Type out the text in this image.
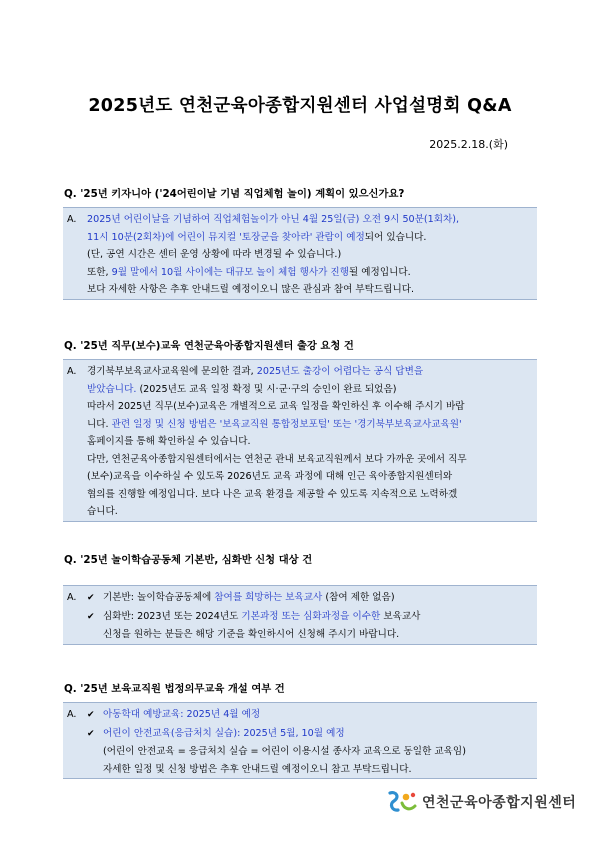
2025년도 연천군육아종합지원센터 사업설명회 Q&A
2025.2.18.(화)
Q. '25년 키자니아 ('24어린이날 기념 직업체험 놀이) 계획이 있으신가요?
A. 2025년 어린이날을 기념하여 직업체험놀이가 아닌 4월 25일(금) 오전 9시 50분(1회차),
11시 10분(2회차)에 어린이 뮤지컬 '토장군을 찾아라' 관람이 예정되어 있습니다.
(단, 공연 시간은 센터 운영 상황에 따라 변경될 수 있습니다.)
또한, 9월 말에서 10월 사이에는 대규모 놀이 체험 행사가 진행될 예정입니다.
보다 자세한 사항은 추후 안내드릴 예정이오니 많은 관심과 참여 부탁드립니다.
Q. '25년 직무(보수)교육 연천군육아종합지원센터 출강 요청 건
A. 경기북부보육교사교육원에 문의한 결과, 2025년도 출강이 어렵다는 공식 답변을
받았습니다. (2025년도 교육 일정 확정 및 시·군·구의 승인이 완료 되었음)
따라서 2025년 직무(보수)교육은 개별적으로 교육 일정을 확인하신 후 이수해 주시기 바랍
니다. 관련 일정 및 신청 방법은 '보육교직원 통합정보포털' 또는 '경기북부보육교사교육원'
홈페이지를 통해 확인하실 수 있습니다.
다만, 연천군육아종합지원센터에서는 연천군 관내 보육교직원께서 보다 가까운 곳에서 직무
(보수)교육을 이수하실 수 있도록 2026년도 교육 과정에 대해 인근 육아종합지원센터와
협의를 진행할 예정입니다. 보다 나은 교육 환경을 제공할 수 있도록 지속적으로 노력하겠
습니다.
Q. '25년 놀이학습공동체 기본반, 심화반 신청 대상 건
A. ✔ 기본반: 놀이학습공동체에 참여를 희망하는 보육교사 (참여 제한 없음)
✔ 심화반: 2023년 또는 2024년도 기본과정 또는 심화과정을 이수한 보육교사
신청을 원하는 분들은 해당 기준을 확인하시어 신청해 주시기 바랍니다.
Q. '25년 보육교직원 법정의무교육 개설 여부 건
A. ✔ 아동학대 예방교육: 2025년 4월 예정
✔ 어린이 안전교육(응급처치 실습): 2025년 5월, 10월 예정
(어린이 안전교육 = 응급처치 실습 = 어린이 이용시설 종사자 교육으로 동일한 교육임)
자세한 일정 및 신청 방법은 추후 안내드릴 예정이오니 참고 부탁드립니다.
연천군육아종합지원센터
